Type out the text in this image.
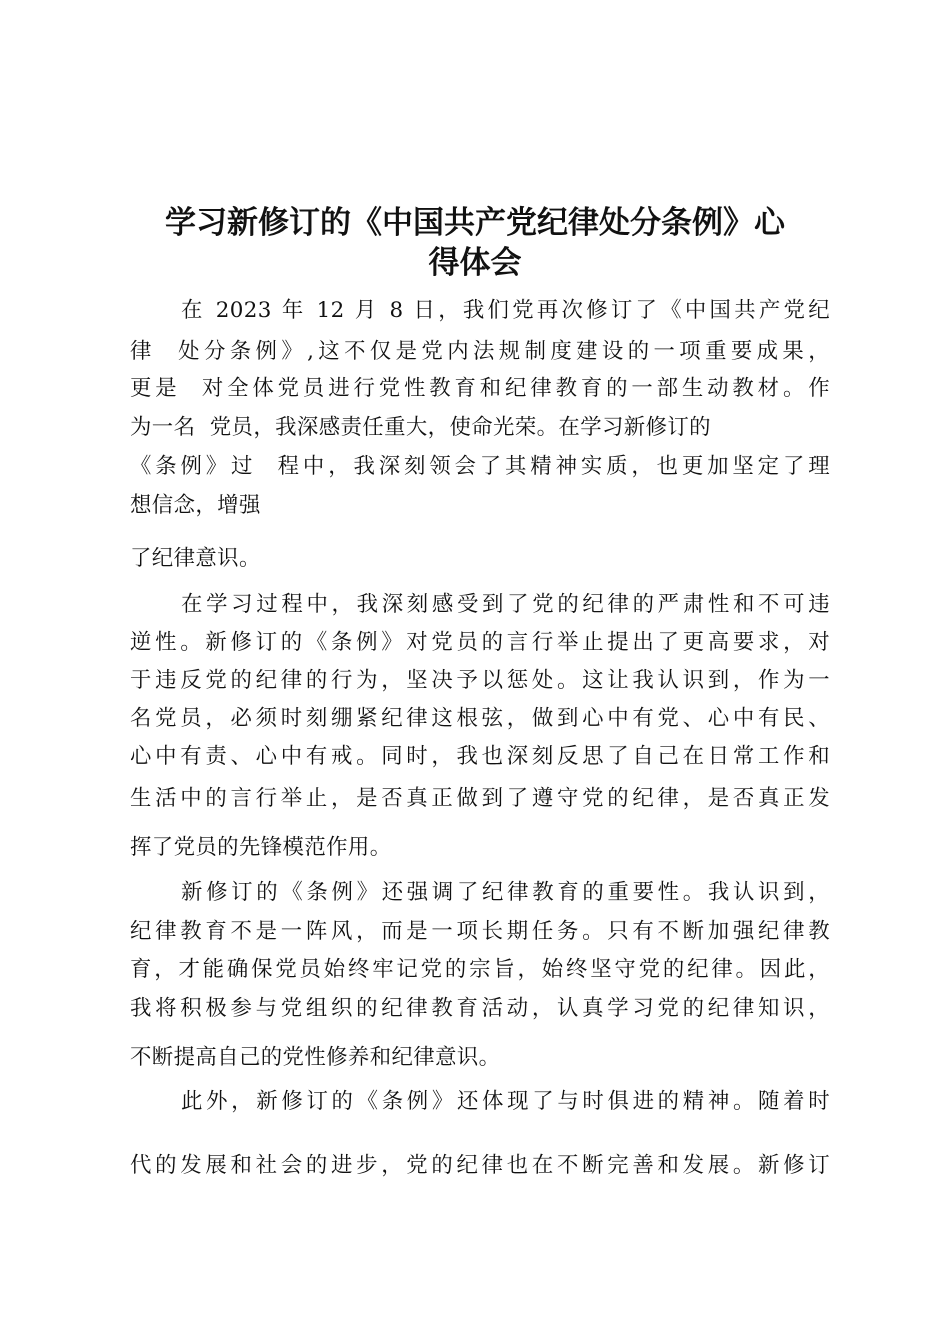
学习新修订的《中国共产党纪律处分条例》心
得体会
在 2023 年 12 月 8 日，我们党再次修订了《中国共产党纪
律  处分条例》,这不仅是党内法规制度建设的一项重要成果，
更是  对全体党员进行党性教育和纪律教育的一部生动教材。作
为一名  党员，我深感责任重大，使命光荣。在学习新修订的
《条例》过  程中，我深刻领会了其精神实质，也更加坚定了理
想信念，增强
了纪律意识。
在学习过程中，我深刻感受到了党的纪律的严肃性和不可违
逆性。新修订的《条例》对党员的言行举止提出了更高要求，对
于违反党的纪律的行为，坚决予以惩处。这让我认识到，作为一
名党员，必须时刻绷紧纪律这根弦，做到心中有党、心中有民、
心中有责、心中有戒。同时，我也深刻反思了自己在日常工作和
生活中的言行举止，是否真正做到了遵守党的纪律，是否真正发
挥了党员的先锋模范作用。
新修订的《条例》还强调了纪律教育的重要性。我认识到，
纪律教育不是一阵风，而是一项长期任务。只有不断加强纪律教
育，才能确保党员始终牢记党的宗旨，始终坚守党的纪律。因此，
我将积极参与党组织的纪律教育活动，认真学习党的纪律知识，
不断提高自己的党性修养和纪律意识。
此外，新修订的《条例》还体现了与时俱进的精神。随着时
代的发展和社会的进步，党的纪律也在不断完善和发展。新修订
